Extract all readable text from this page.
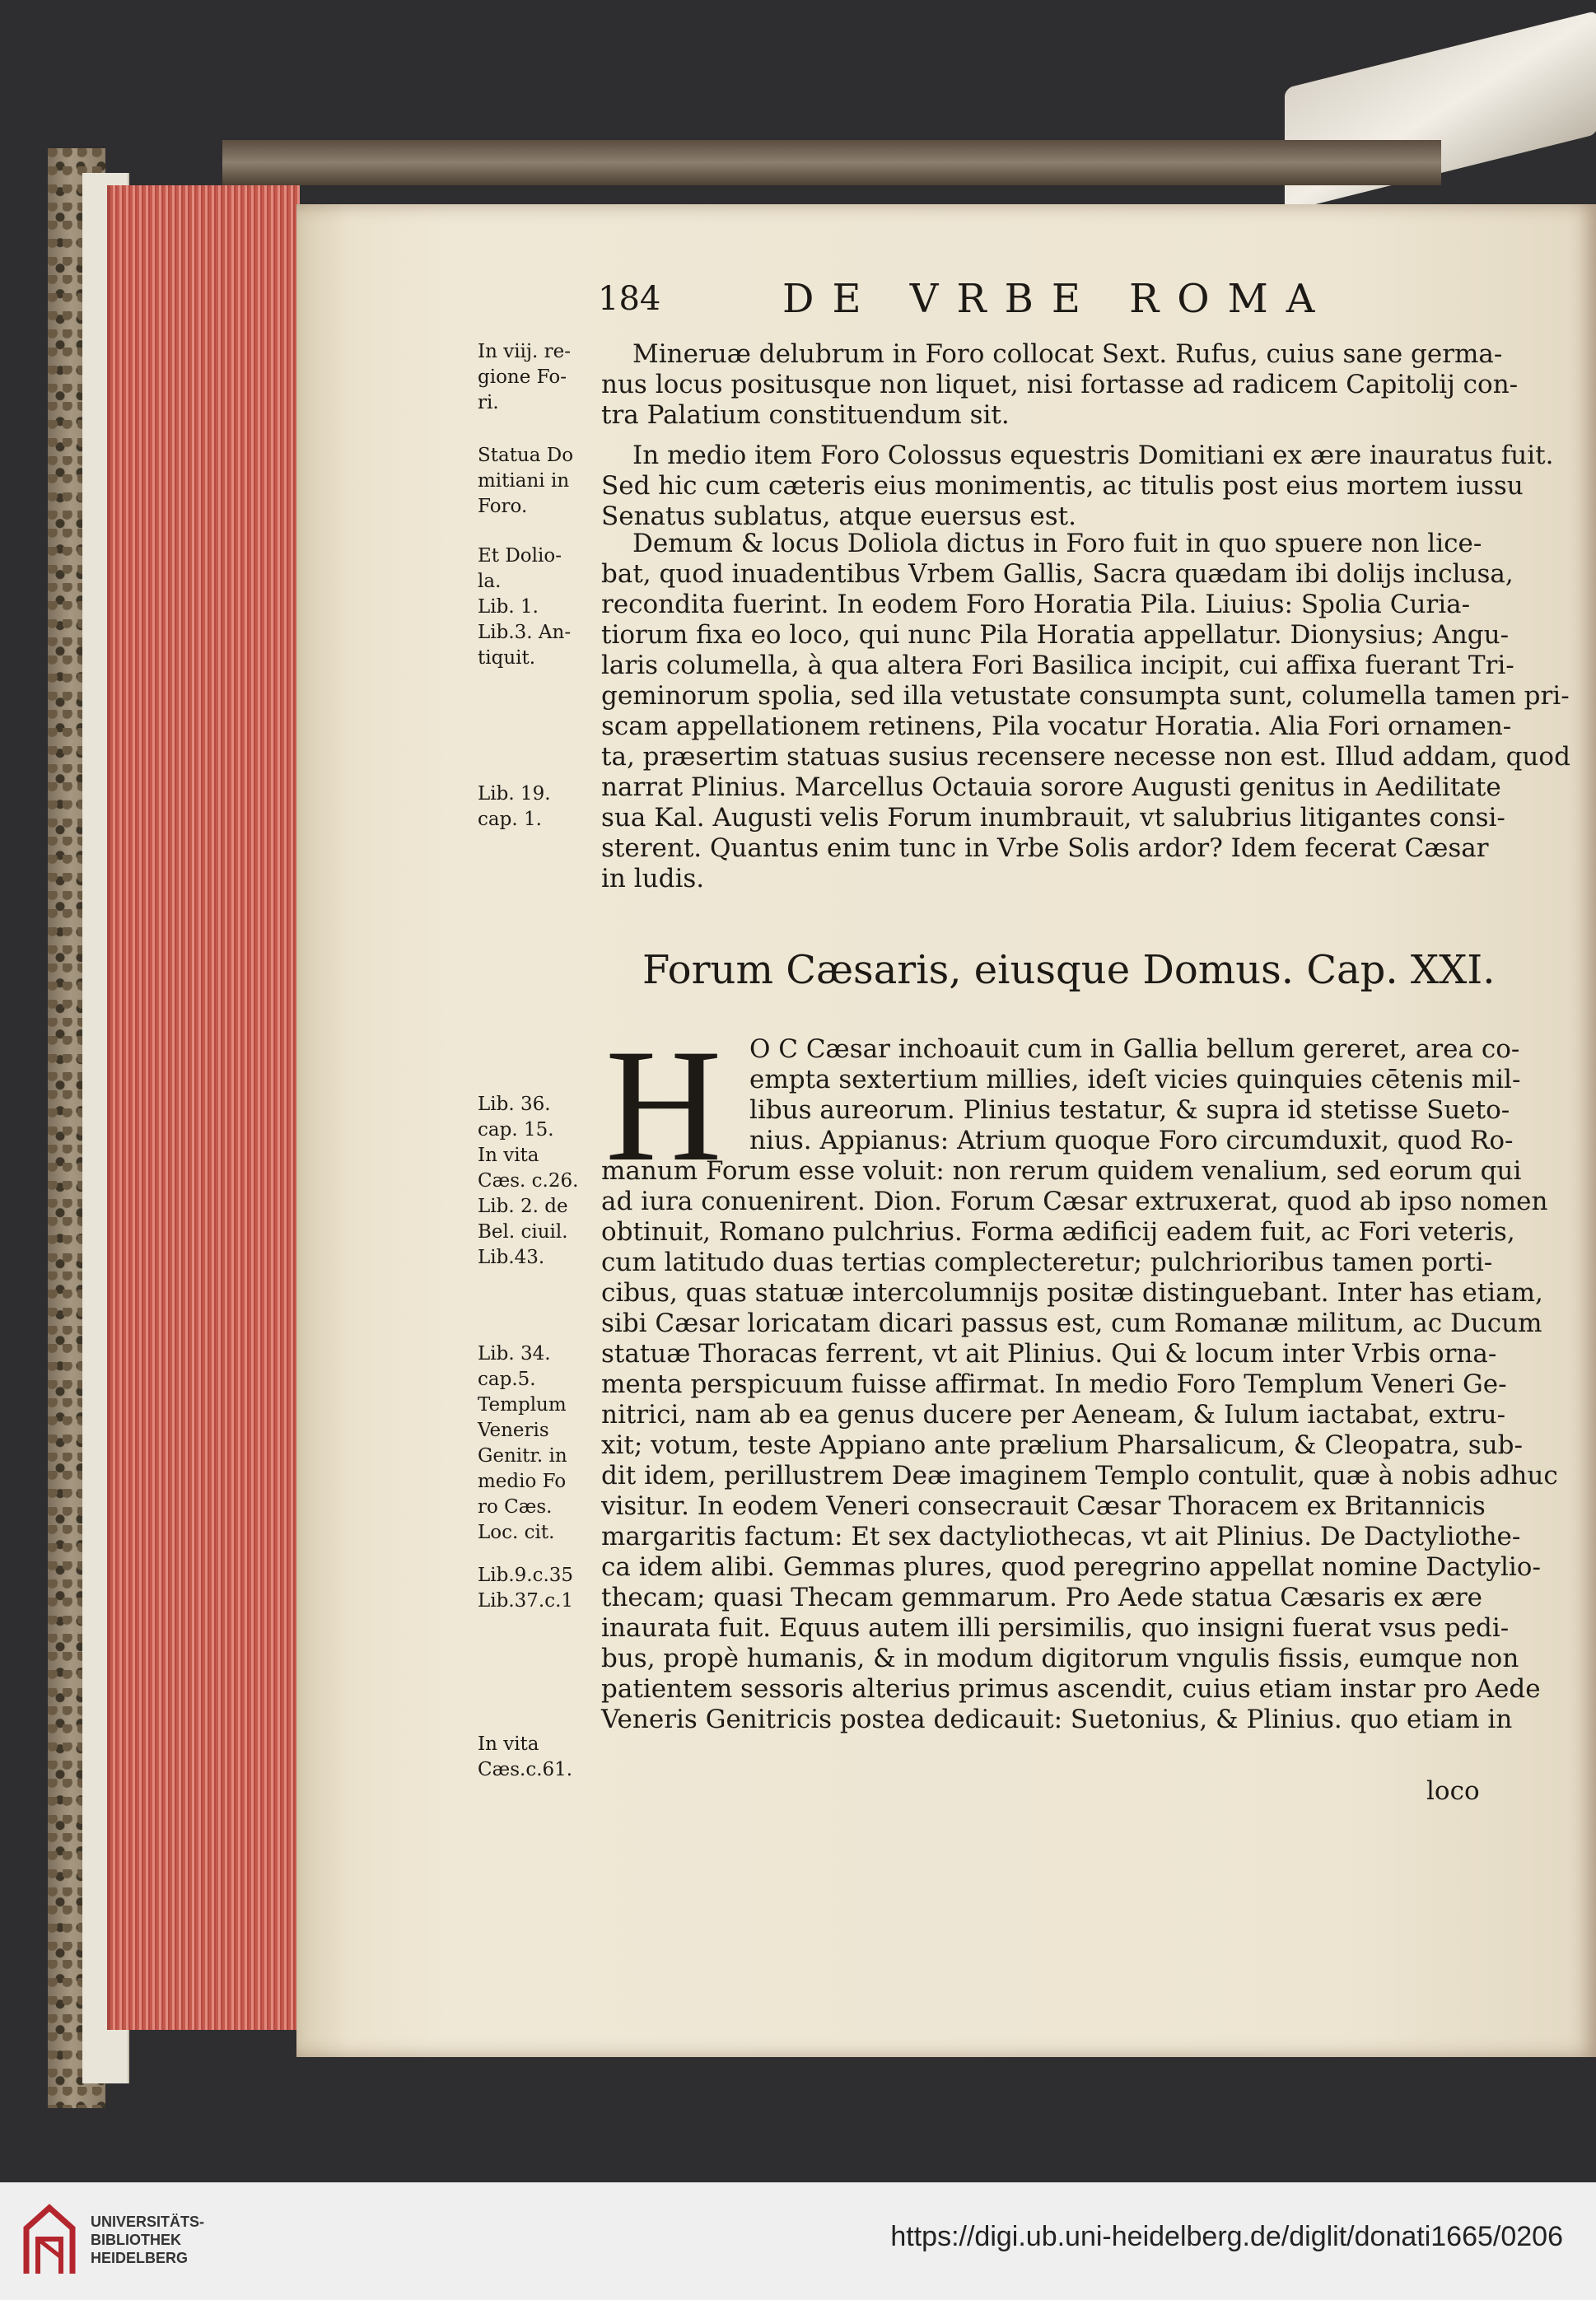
184	DE VRBE ROMA
In viij. re-
gione Fo-
ri.
Statua Do
mitiani in
Foro.
Et Dolio-
la.
Lib. 1.
Lib.3. An-
tiquit.
Lib. 19.
cap. 1.
Lib. 36.
cap. 15.
In vita
Cæs. c.26.
Lib. 2. de
Bel. ciuil.
Lib.43.
Lib. 34.
cap.5.
Templum
Veneris
Genitr. in
medio Fo
ro Cæs.
Loc. cit.
Lib.9.c.35
Lib.37.c.1
In vita
Cæs.c.61.
Mineruæ delubrum in Foro collocat Sext. Rufus, cuius sane germa-
nus locus positusque non liquet, nisi fortasse ad radicem Capitolij con-
tra Palatium constituendum sit.
In medio item Foro Colossus equestris Domitiani ex ære inauratus fuit.
Sed hic cum cæteris eius monimentis, ac titulis post eius mortem iussu
Senatus sublatus, atque euersus est.
Demum & locus Doliola dictus in Foro fuit in quo spuere non lice-
bat, quod inuadentibus Vrbem Gallis, Sacra quædam ibi dolijs inclusa,
recondita fuerint. In eodem Foro Horatia Pila. Liuius: Spolia Curia-
tiorum fixa eo loco, qui nunc Pila Horatia appellatur. Dionysius; Angu-
laris columella, à qua altera Fori Basilica incipit, cui affixa fuerant Tri-
geminorum spolia, sed illa vetustate consumpta sunt, columella tamen pri-
scam appellationem retinens, Pila vocatur Horatia. Alia Fori ornamen-
ta, præsertim statuas susius recensere necesse non est. Illud addam, quod
narrat Plinius. Marcellus Octauia sorore Augusti genitus in Aedilitate
sua Kal. Augusti velis Forum inumbrauit, vt salubrius litigantes consi-
sterent. Quantus enim tunc in Vrbe Solis ardor? Idem fecerat Cæsar
in ludis.
Forum Cæsaris, eiusque Domus. Cap. XXI.
H O C Cæsar inchoauit cum in Gallia bellum gereret, area co-
empta sextertium millies, ideſt vicies quinquies cētenis mil-
libus aureorum. Plinius testatur, & supra id stetisse Sueto-
nius. Appianus: Atrium quoque Foro circumduxit, quod Ro-
manum Forum esse voluit: non rerum quidem venalium, sed eorum qui
ad iura conuenirent. Dion. Forum Cæsar extruxerat, quod ab ipso nomen
obtinuit, Romano pulchrius. Forma ædificij eadem fuit, ac Fori veteris,
cum latitudo duas tertias complecteretur; pulchrioribus tamen porti-
cibus, quas statuæ intercolumnijs positæ distinguebant. Inter has etiam,
sibi Cæsar loricatam dicari passus est, cum Romanæ militum, ac Ducum
statuæ Thoracas ferrent, vt ait Plinius. Qui & locum inter Vrbis orna-
menta perspicuum fuisse affirmat. In medio Foro Templum Veneri Ge-
nitrici, nam ab ea genus ducere per Aeneam, & Iulum iactabat, extru-
xit; votum, teste Appiano ante prælium Pharsalicum, & Cleopatra, sub-
dit idem, perillustrem Deæ imaginem Templo contulit, quæ à nobis adhuc
visitur. In eodem Veneri consecrauit Cæsar Thoracem ex Britannicis
margaritis factum: Et sex dactyliothecas, vt ait Plinius. De Dactyliothe-
ca idem alibi. Gemmas plures, quod peregrino appellat nomine Dactylio-
thecam; quasi Thecam gemmarum. Pro Aede statua Cæsaris ex ære
inaurata fuit. Equus autem illi persimilis, quo insigni fuerat vsus pedi-
bus, propè humanis, & in modum digitorum vngulis fissis, eumque non
patientem sessoris alterius primus ascendit, cuius etiam instar pro Aede
Veneris Genitricis postea dedicauit: Suetonius, & Plinius. quo etiam in
loco
UNIVERSITÄTS-
BIBLIOTHEK
HEIDELBERG
https://digi.ub.uni-heidelberg.de/diglit/donati1665/0206
